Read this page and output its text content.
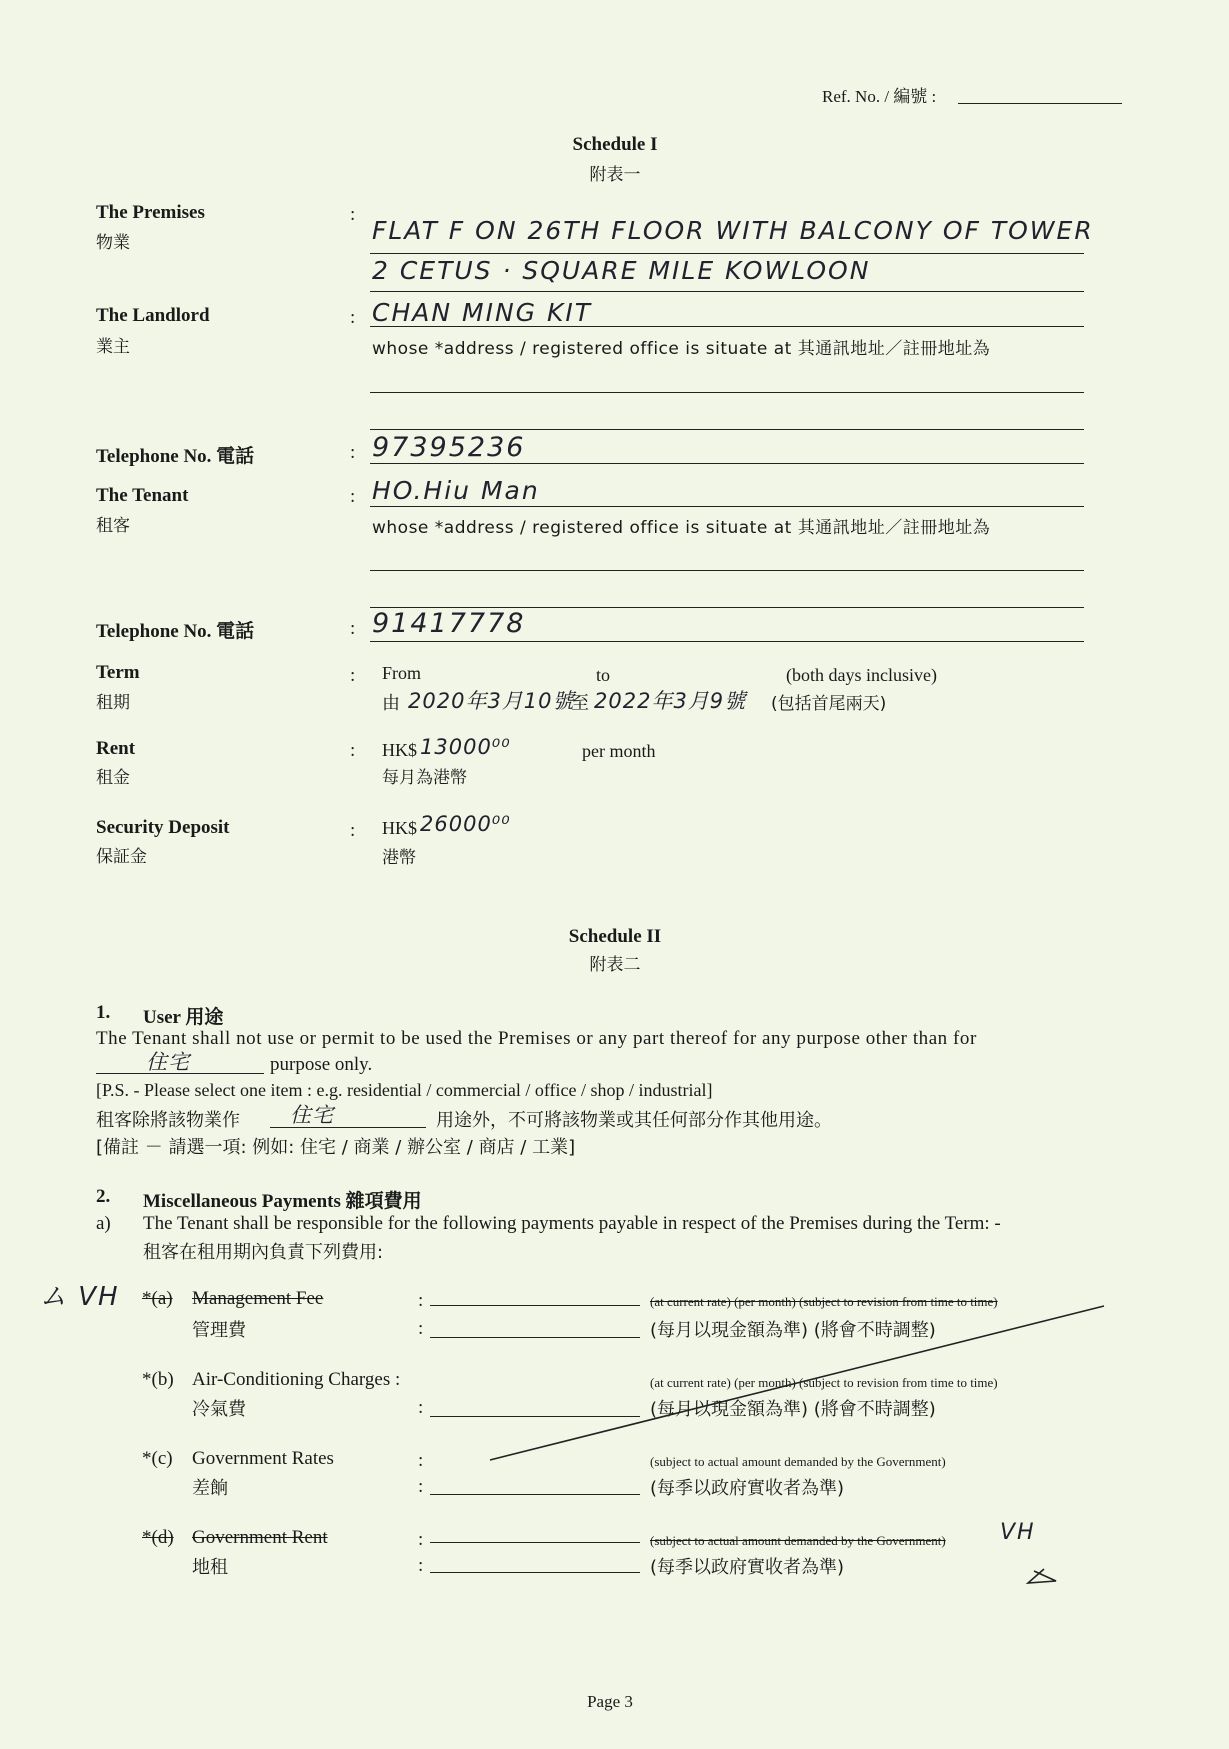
Ref. No. / 編號 :
Schedule I
附表一
The Premises
物業
:
FLAT F ON 26TH FLOOR WITH BALCONY OF TOWER
2 CETUS · SQUARE MILE KOWLOON
The Landlord
業主
: CHAN MING KIT
whose *address / registered office is situate at 其通訊地址／註冊地址為
Telephone No. 電話	: 97395236
The Tenant
租客
: HO.Hiu Man
whose *address / registered office is situate at 其通訊地址／註冊地址為
Telephone No. 電話	: 91417778
Term
租期
: From	to	(both days inclusive)
由 2020年3月10號
至 2022年3月9號 (包括首尾兩天)
Rent
租金
: HK$ 13000⁰⁰	per month
每月為港幣
Security Deposit
保証金
: HK$ 26000⁰⁰
港幣
Schedule II
附表二
1. User 用途
The Tenant shall not use or permit to be used the Premises or any part thereof for any purpose other than for
住宅	purpose only.
[P.S. - Please select one item : e.g. residential / commercial / office / shop / industrial]
租客除將該物業作 住宅	用途外，不可將該物業或其任何部分作其他用途。
[備註 － 請選一項: 例如: 住宅 / 商業 / 辦公室 / 商店 / 工業]
2. Miscellaneous Payments 雜項費用
a) The Tenant shall be responsible for the following payments payable in respect of the Premises during the Term: -
租客在租用期內負責下列費用:
ム VH *(a) Management Fee	:	(at current rate) (per month) (subject to revision from time to time)
管理費	:	(每月以現金額為準) (將會不時調整)
*(b) Air-Conditioning Charges :	(at current rate) (per month) (subject to revision from time to time)
冷氣費	:	(每月以現金額為準) (將會不時調整)
*(c) Government Rates	:	(subject to actual amount demanded by the Government)
差餉	:	(每季以政府實收者為準)
*(d) Government Rent	:	(subject to actual amount demanded by the Government) VH
地租	:	(每季以政府實收者為準)
Page 3
